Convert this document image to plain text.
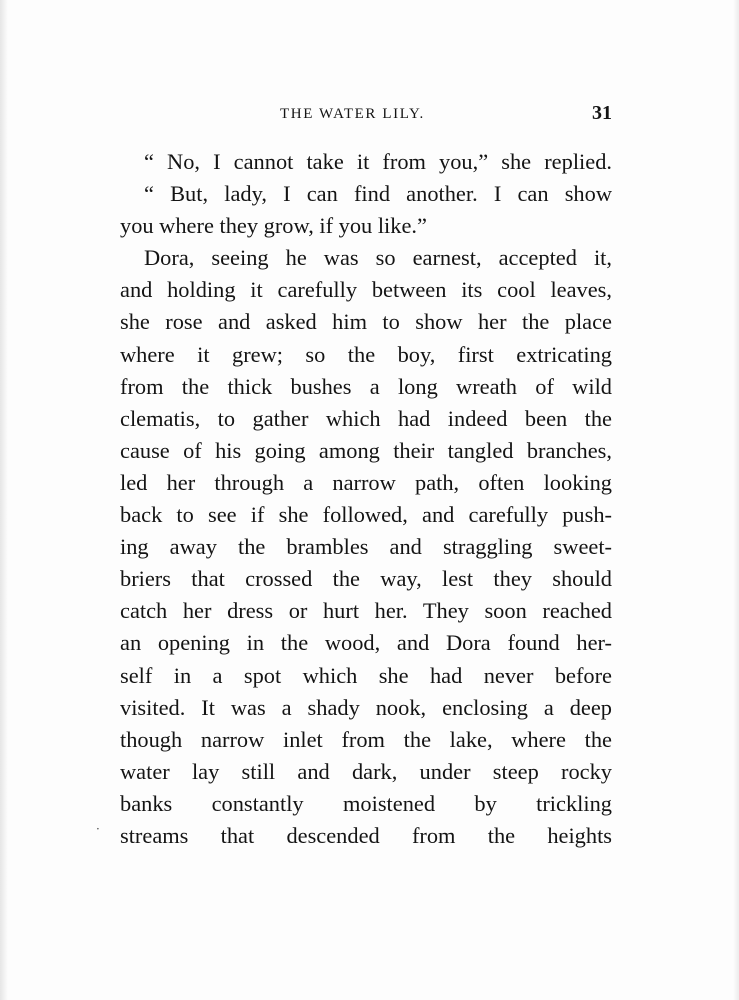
THE WATER LILY.	31
“ No, I cannot take it from you,” she replied.
“ But, lady, I can find another. I can show
you where they grow, if you like.”
Dora, seeing he was so earnest, accepted it,
and holding it carefully between its cool leaves,
she rose and asked him to show her the place
where it grew; so the boy, first extricating
from the thick bushes a long wreath of wild
clematis, to gather which had indeed been the
cause of his going among their tangled branches,
led her through a narrow path, often looking
back to see if she followed, and carefully push-
ing away the brambles and straggling sweet-
briers that crossed the way, lest they should
catch her dress or hurt her. They soon reached
an opening in the wood, and Dora found her-
self in a spot which she had never before
visited. It was a shady nook, enclosing a deep
though narrow inlet from the lake, where the
water lay still and dark, under steep rocky
banks constantly moistened by trickling
streams that descended from the heights
·
